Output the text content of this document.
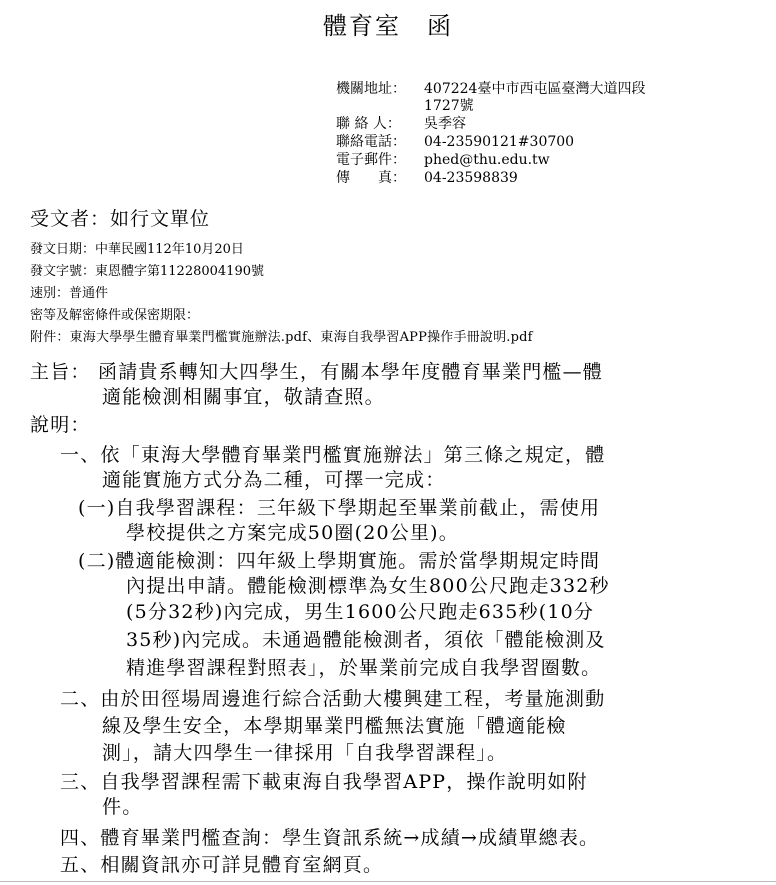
體育室　函
機關地址： 407224臺中市西屯區臺灣大道四段
1727號
聯 絡 人： 吳季容
聯絡電話： 04-23590121#30700
電子郵件： phed@thu.edu.tw
傳　　真： 04-23598839
受文者：如行文單位
發文日期：中華民國112年10月20日
發文字號：東恩體字第11228004190號
速別：普通件
密等及解密條件或保密期限：
附件：東海大學學生體育畢業門檻實施辦法.pdf、東海自我學習APP操作手冊說明.pdf
主旨： 函請貴系轉知大四學生，有關本學年度體育畢業門檻—體
適能檢測相關事宜，敬請查照。
說明：
一、依「東海大學體育畢業門檻實施辦法」第三條之規定，體
適能實施方式分為二種，可擇一完成：
(一)自我學習課程：三年級下學期起至畢業前截止，需使用
學校提供之方案完成50圈(20公里)。
(二)體適能檢測：四年級上學期實施。需於當學期規定時間
內提出申請。體能檢測標準為女生800公尺跑走332秒
(5分32秒)內完成，男生1600公尺跑走635秒(10分
35秒)內完成。未通過體能檢測者，須依「體能檢測及
精進學習課程對照表」，於畢業前完成自我學習圈數。
二、由於田徑場周邊進行綜合活動大樓興建工程，考量施測動
線及學生安全，本學期畢業門檻無法實施「體適能檢
測」，請大四學生一律採用「自我學習課程」。
三、自我學習課程需下載東海自我學習APP，操作說明如附
件。
四、體育畢業門檻查詢：學生資訊系統→成績→成績單總表。
五、相關資訊亦可詳見體育室網頁。
